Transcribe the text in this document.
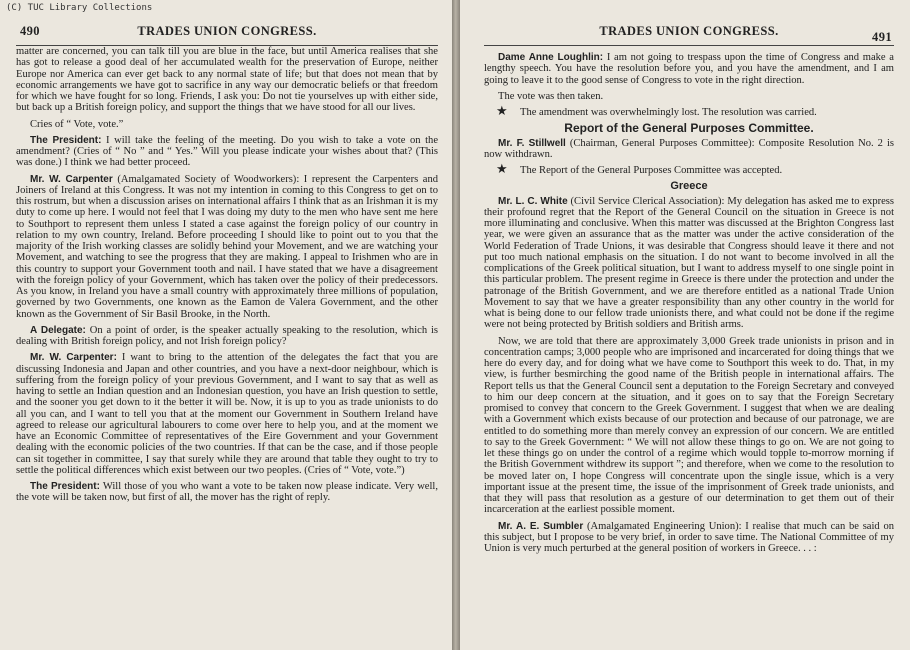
(C) TUC Library Collections
490	TRADES UNION CONGRESS.

matter are concerned, you can talk till you are blue in the face, but until America realises that she has got to release a good deal of her accumulated wealth for the preservation of Europe, neither Europe nor America can ever get back to any normal state of life; but that does not mean that by economic arrangements we have got to sacrifice in any way our democratic beliefs or that freedom for which we have fought for so long. Friends, I ask you: Do not tie yourselves up with either side, but back up a British foreign policy, and support the things that we have stood for all our lives.

Cries of “ Vote, vote.”

The President: I will take the feeling of the meeting. Do you wish to take a vote on the amendment? (Cries of “ No ” and “ Yes.” Will you please indicate your wishes about that? (This was done.) I think we had better proceed.

Mr. W. Carpenter (Amalgamated Society of Woodworkers): I represent the Carpenters and Joiners of Ireland at this Congress. It was not my intention in coming to this Congress to get on to this rostrum, but when a discussion arises on international affairs I think that as an Irishman it is my duty to come up here. I would not feel that I was doing my duty to the men who have sent me here to Southport to represent them unless I stated a case against the foreign policy of our country in relation to my own country, Ireland. Before proceeding I should like to point out to you that the majority of the Irish working classes are solidly behind your Movement, and we are watching your Movement, and watching to see the progress that they are making. I appeal to Irishmen who are in this country to support your Government tooth and nail. I have stated that we have a disagreement with the foreign policy of your Government, which has taken over the policy of their predecessors. As you know, in Ireland you have a small country with approximately three millions of population, governed by two Governments, one known as the Eamon de Valera Government, and the other known as the Government of Sir Basil Brooke, in the North.

A Delegate: On a point of order, is the speaker actually speaking to the resolution, which is dealing with British foreign policy, and not Irish foreign policy?

Mr. W. Carpenter: I want to bring to the attention of the delegates the fact that you are discussing Indonesia and Japan and other countries, and you have a next-door neighbour, which is suffering from the foreign policy of your previous Government, and I want to say that as well as having to settle an Indian question and an Indonesian question, you have an Irish question to settle, and the sooner you get down to it the better it will be. Now, it is up to you as trade unionists to do all you can, and I want to tell you that at the moment our Government in Southern Ireland have agreed to release our agricultural labourers to come over here to help you, and at the moment we have an Economic Committee of representatives of the Eire Government and your Government dealing with the economic policies of the two countries. If that can be the case, and if those people can sit together in committee, I say that surely while they are around that table they ought to try to settle the political differences which exist between our two peoples. (Cries of “ Vote, vote.”)

The President: Will those of you who want a vote to be taken now please indicate. Very well, the vote will be taken now, but first of all, the mover has the right of reply.

TRADES UNION CONGRESS.	491

Dame Anne Loughlin: I am not going to trespass upon the time of Congress and make a lengthy speech. You have the resolution before you, and you have the amendment, and I am going to leave it to the good sense of Congress to vote in the right direction.

The vote was then taken.

★ The amendment was overwhelmingly lost. The resolution was carried.

Report of the General Purposes Committee.

Mr. F. Stillwell (Chairman, General Purposes Committee): Composite Resolution No. 2 is now withdrawn.

★ The Report of the General Purposes Committee was accepted.

Greece

Mr. L. C. White (Civil Service Clerical Association): My delegation has asked me to express their profound regret that the Report of the General Council on the situation in Greece is not more illuminating and conclusive. When this matter was discussed at the Brighton Congress last year, we were given an assurance that as the matter was under the active consideration of the World Federation of Trade Unions, it was desirable that Congress should leave it there and not put too much national emphasis on the situation. I do not want to become involved in all the complications of the Greek political situation, but I want to address myself to one single point in this particular problem. The present regime in Greece is there under the protection and under the patronage of the British Government, and we are therefore entitled as a national Trade Union Movement to say that we have a greater responsibility than any other country in the world for what is being done to our fellow trade unionists there, and what could not be done if the regime were not being protected by British soldiers and British arms.

Now, we are told that there are approximately 3,000 Greek trade unionists in prison and in concentration camps; 3,000 people who are imprisoned and incarcerated for doing things that we here do every day, and for doing what we have come to Southport this week to do. That, in my view, is further besmirching the good name of the British people in international affairs. The Report tells us that the General Council sent a deputation to the Foreign Secretary and conveyed to him our deep concern at the situation, and it goes on to say that the Foreign Secretary promised to convey that concern to the Greek Government. I suggest that when we are dealing with a Government which exists because of our protection and because of our patronage, we are entitled to do something more than merely convey an expression of our concern. We are entitled to say to the Greek Government: “ We will not allow these things to go on. We are not going to let these things go on under the control of a regime which would topple to-morrow morning if the British Government withdrew its support ”; and therefore, when we come to the resolution to be moved later on, I hope Congress will concentrate upon the single issue, which is a very important issue at the present time, the issue of the imprisonment of Greek trade unionists, and that they will pass that resolution as a gesture of our determination to get them out of their incarceration at the earliest possible moment.

Mr. A. E. Sumbler (Amalgamated Engineering Union): I realise that much can be said on this subject, but I propose to be very brief, in order to save time. The National Committee of my Union is very much perturbed at the general position of workers in Greece. . . :
